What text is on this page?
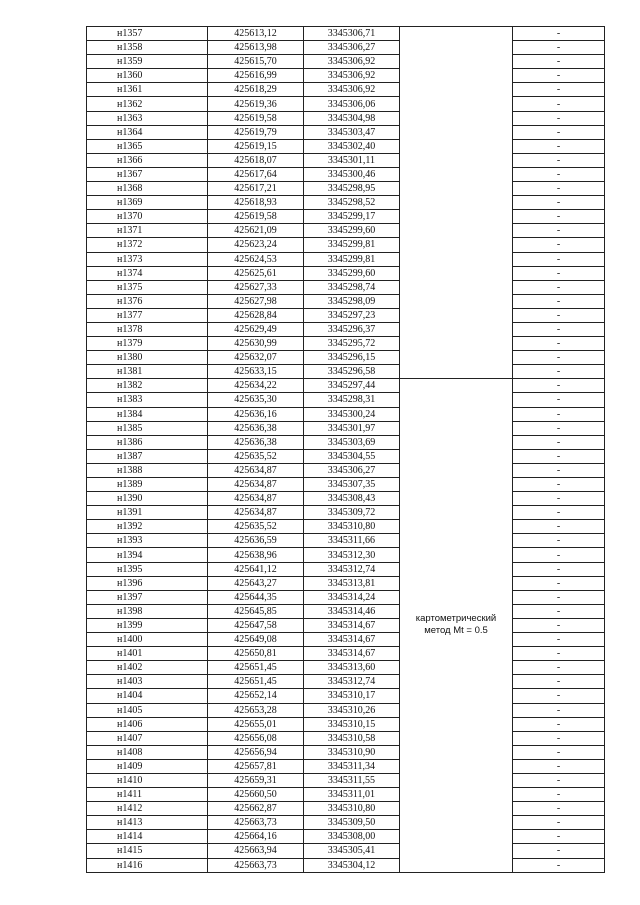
н1357	425613,12	3345306,71		-
н1358	425613,98	3345306,27		-
н1359	425615,70	3345306,92		-
н1360	425616,99	3345306,92		-
н1361	425618,29	3345306,92		-
н1362	425619,36	3345306,06		-
н1363	425619,58	3345304,98		-
н1364	425619,79	3345303,47		-
н1365	425619,15	3345302,40		-
н1366	425618,07	3345301,11		-
н1367	425617,64	3345300,46		-
н1368	425617,21	3345298,95		-
н1369	425618,93	3345298,52		-
н1370	425619,58	3345299,17		-
н1371	425621,09	3345299,60		-
н1372	425623,24	3345299,81		-
н1373	425624,53	3345299,81		-
н1374	425625,61	3345299,60		-
н1375	425627,33	3345298,74		-
н1376	425627,98	3345298,09		-
н1377	425628,84	3345297,23		-
н1378	425629,49	3345296,37		-
н1379	425630,99	3345295,72		-
н1380	425632,07	3345296,15		-
н1381	425633,15	3345296,58		-
н1382	425634,22	3345297,44	картометрический метод Mt = 0.5	-
н1383	425635,30	3345298,31		-
н1384	425636,16	3345300,24		-
н1385	425636,38	3345301,97		-
н1386	425636,38	3345303,69		-
н1387	425635,52	3345304,55		-
н1388	425634,87	3345306,27		-
н1389	425634,87	3345307,35		-
н1390	425634,87	3345308,43		-
н1391	425634,87	3345309,72		-
н1392	425635,52	3345310,80		-
н1393	425636,59	3345311,66		-
н1394	425638,96	3345312,30		-
н1395	425641,12	3345312,74		-
н1396	425643,27	3345313,81		-
н1397	425644,35	3345314,24		-
н1398	425645,85	3345314,46		-
н1399	425647,58	3345314,67		-
н1400	425649,08	3345314,67		-
н1401	425650,81	3345314,67		-
н1402	425651,45	3345313,60		-
н1403	425651,45	3345312,74		-
н1404	425652,14	3345310,17		-
н1405	425653,28	3345310,26		-
н1406	425655,01	3345310,15		-
н1407	425656,08	3345310,58		-
н1408	425656,94	3345310,90		-
н1409	425657,81	3345311,34		-
н1410	425659,31	3345311,55		-
н1411	425660,50	3345311,01		-
н1412	425662,87	3345310,80		-
н1413	425663,73	3345309,50		-
н1414	425664,16	3345308,00		-
н1415	425663,94	3345305,41		-
н1416	425663,73	3345304,12		-
